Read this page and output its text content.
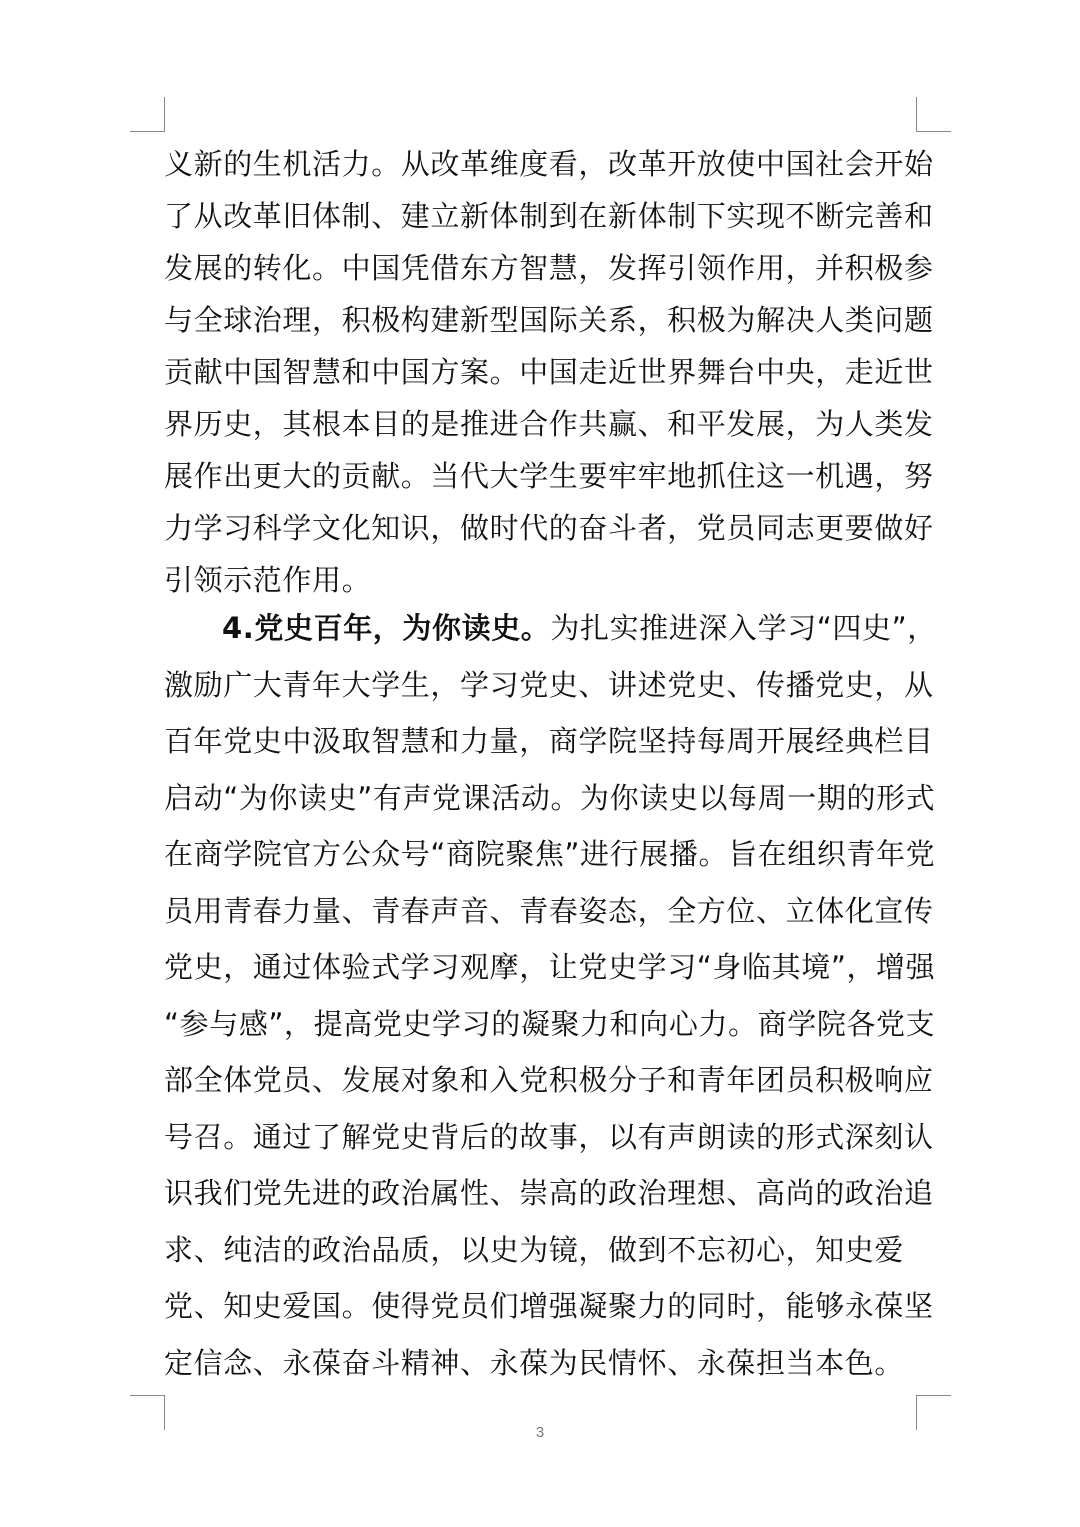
义新的生机活力。从改革维度看，改革开放使中国社会开始
了从改革旧体制、建立新体制到在新体制下实现不断完善和
发展的转化。中国凭借东方智慧，发挥引领作用，并积极参
与全球治理，积极构建新型国际关系，积极为解决人类问题
贡献中国智慧和中国方案。中国走近世界舞台中央，走近世
界历史，其根本目的是推进合作共赢、和平发展，为人类发
展作出更大的贡献。当代大学生要牢牢地抓住这一机遇，努
力学习科学文化知识，做时代的奋斗者，党员同志更要做好
引领示范作用。
4.党史百年，为你读史。为扎实推进深入学习“四史”，
激励广大青年大学生，学习党史、讲述党史、传播党史，从
百年党史中汲取智慧和力量，商学院坚持每周开展经典栏目
启动“为你读史”有声党课活动。为你读史以每周一期的形式
在商学院官方公众号“商院聚焦”进行展播。旨在组织青年党
员用青春力量、青春声音、青春姿态，全方位、立体化宣传
党史，通过体验式学习观摩，让党史学习“身临其境”，增强
“参与感”，提高党史学习的凝聚力和向心力。商学院各党支
部全体党员、发展对象和入党积极分子和青年团员积极响应
号召。通过了解党史背后的故事，以有声朗读的形式深刻认
识我们党先进的政治属性、崇高的政治理想、高尚的政治追
求、纯洁的政治品质，以史为镜，做到不忘初心，知史爱
党、知史爱国。使得党员们增强凝聚力的同时，能够永葆坚
定信念、永葆奋斗精神、永葆为民情怀、永葆担当本色。
3
